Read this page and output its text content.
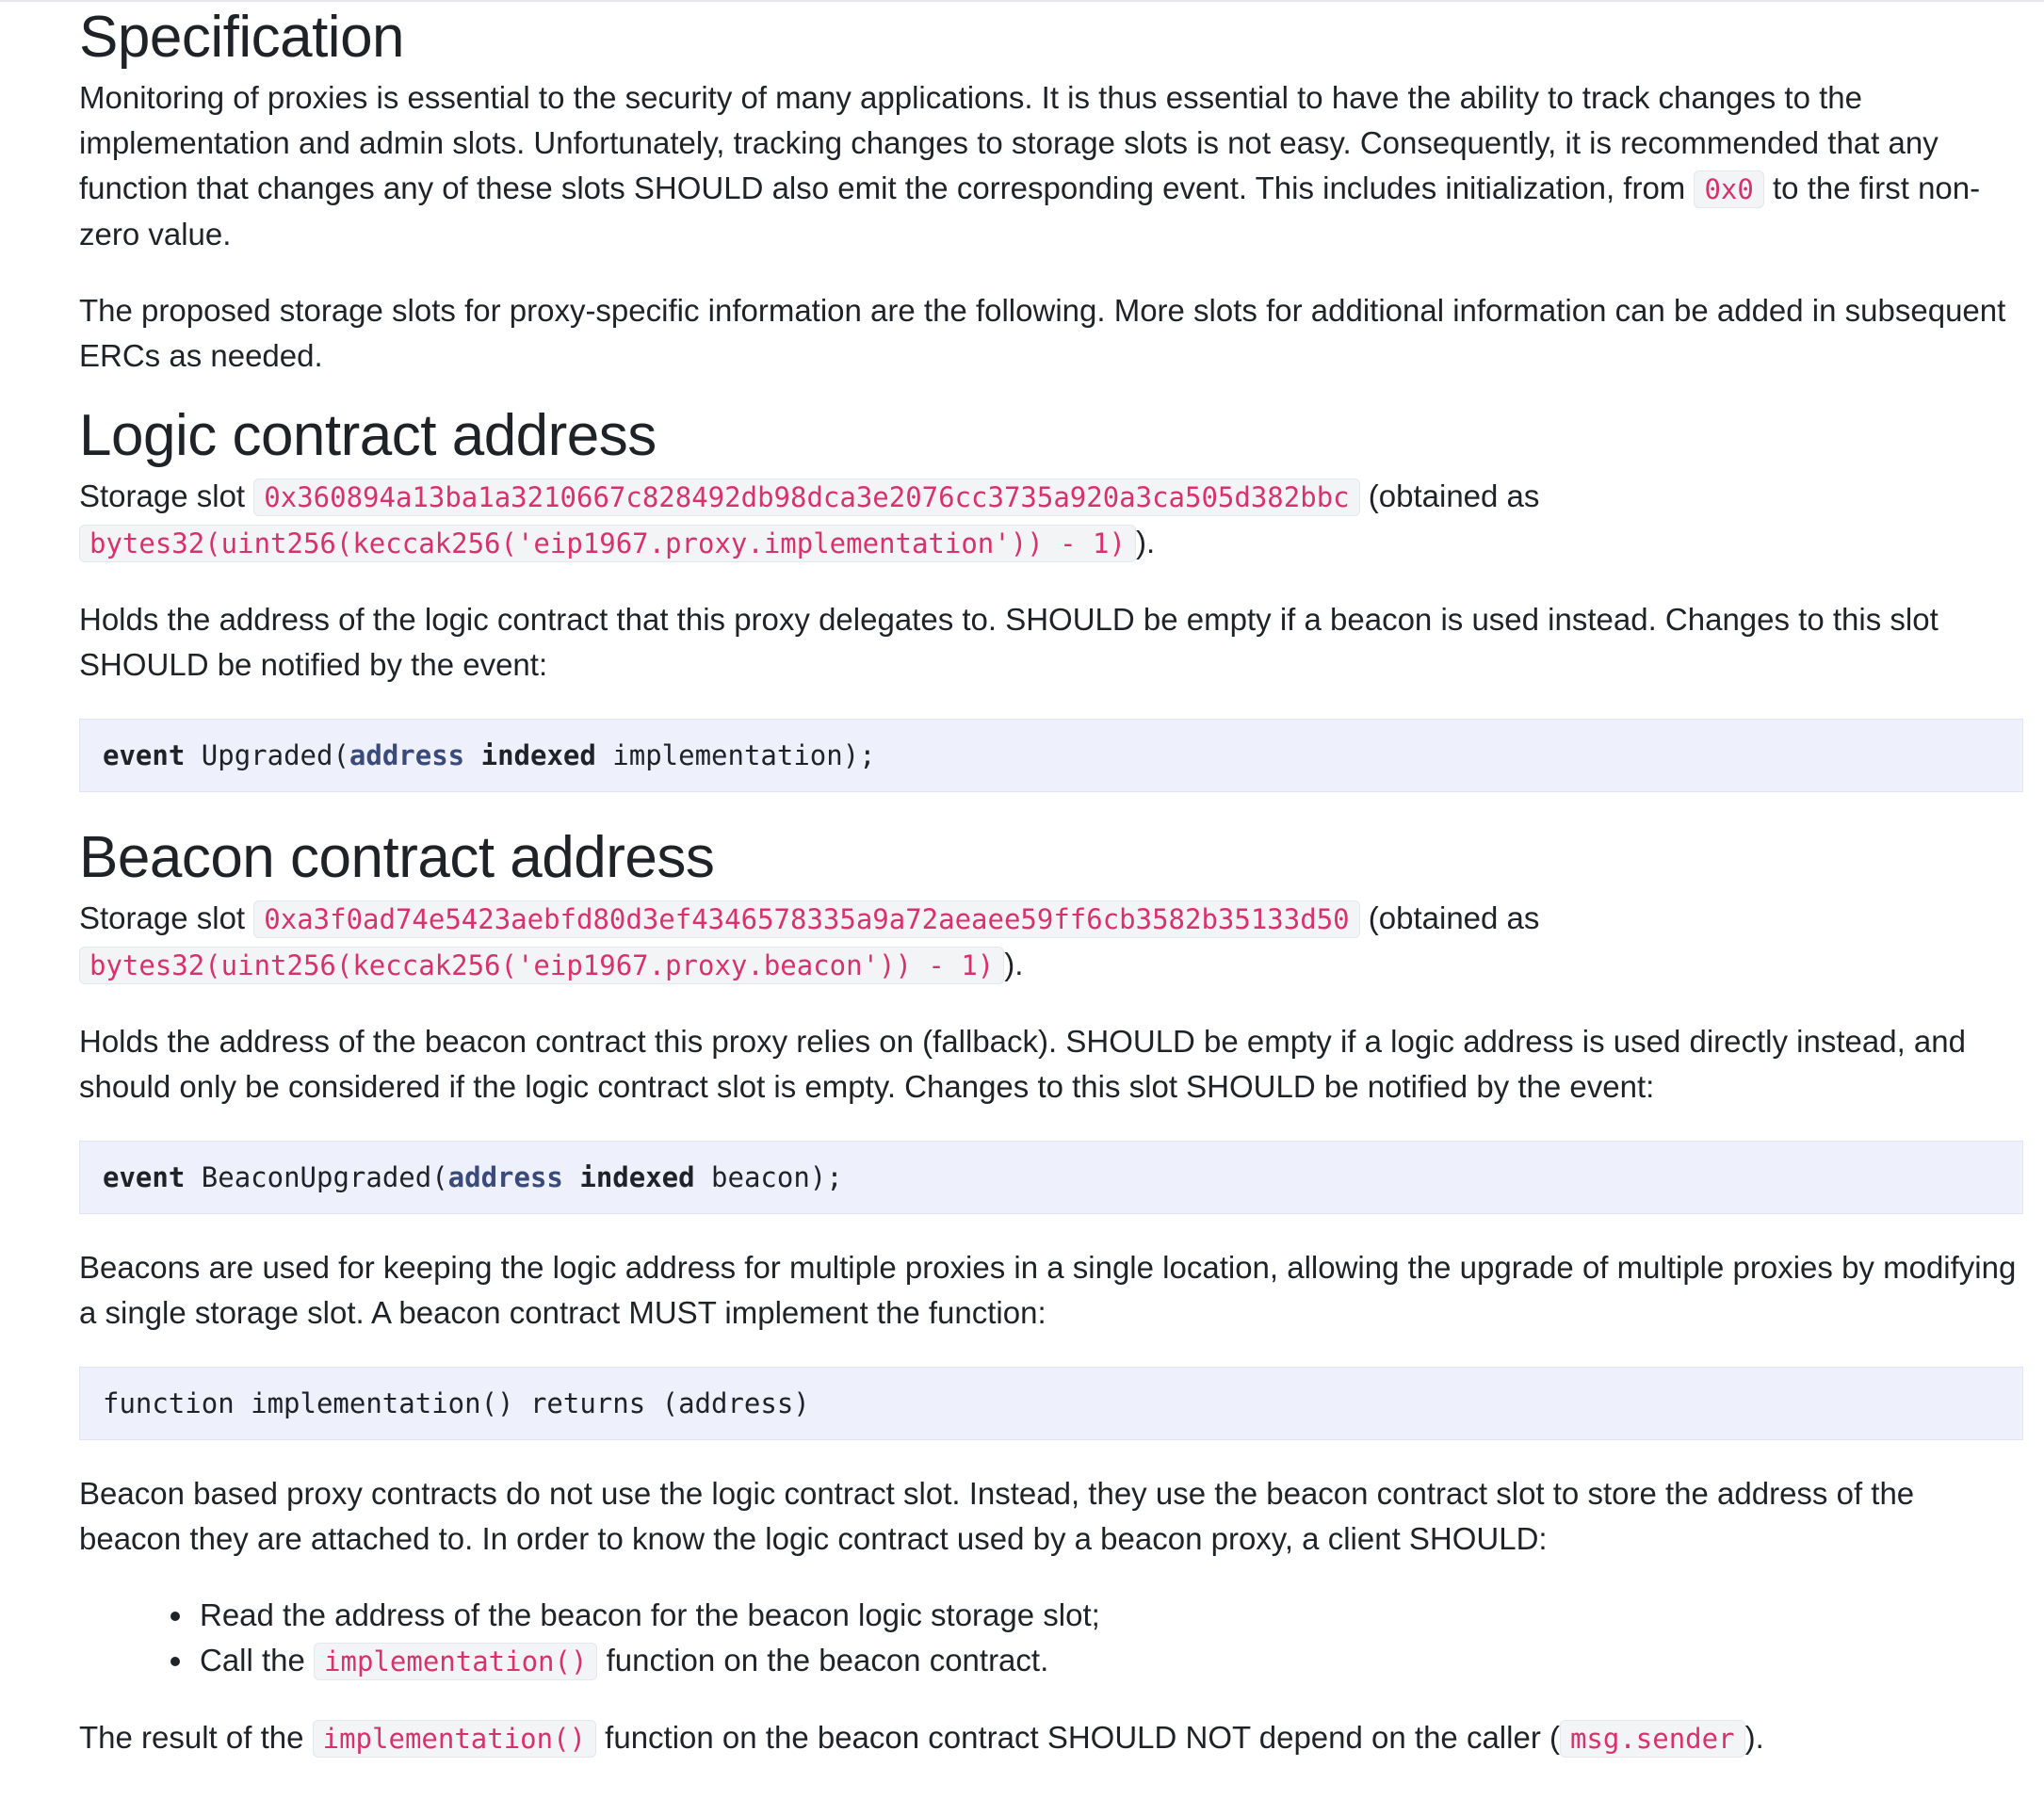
Specification

Monitoring of proxies is essential to the security of many applications. It is thus essential to have the ability to track changes to the implementation and admin slots. Unfortunately, tracking changes to storage slots is not easy. Consequently, it is recommended that any function that changes any of these slots SHOULD also emit the corresponding event. This includes initialization, from 0x0 to the first non-zero value.

The proposed storage slots for proxy-specific information are the following. More slots for additional information can be added in subsequent ERCs as needed.

Logic contract address

Storage slot 0x360894a13ba1a3210667c828492db98dca3e2076cc3735a920a3ca505d382bbc (obtained as
bytes32(uint256(keccak256('eip1967.proxy.implementation')) - 1) ).

Holds the address of the logic contract that this proxy delegates to. SHOULD be empty if a beacon is used instead. Changes to this slot SHOULD be notified by the event:

event Upgraded(address indexed implementation);
Beacon contract address

Storage slot 0xa3f0ad74e5423aebfd80d3ef4346578335a9a72aeaee59ff6cb3582b35133d50 (obtained as
bytes32(uint256(keccak256('eip1967.proxy.beacon')) - 1) ).

Holds the address of the beacon contract this proxy relies on (fallback). SHOULD be empty if a logic address is used directly instead, and should only be considered if the logic contract slot is empty. Changes to this slot SHOULD be notified by the event:

event BeaconUpgraded(address indexed beacon);

Beacons are used for keeping the logic address for multiple proxies in a single location, allowing the upgrade of multiple proxies by modifying a single storage slot. A beacon contract MUST implement the function:

function implementation() returns (address)

Beacon based proxy contracts do not use the logic contract slot. Instead, they use the beacon contract slot to store the address of the beacon they are attached to. In order to know the logic contract used by a beacon proxy, a client SHOULD:

• Read the address of the beacon for the beacon logic storage slot;
• Call the implementation() function on the beacon contract.

The result of the implementation() function on the beacon contract SHOULD NOT depend on the caller ( msg.sender ).
